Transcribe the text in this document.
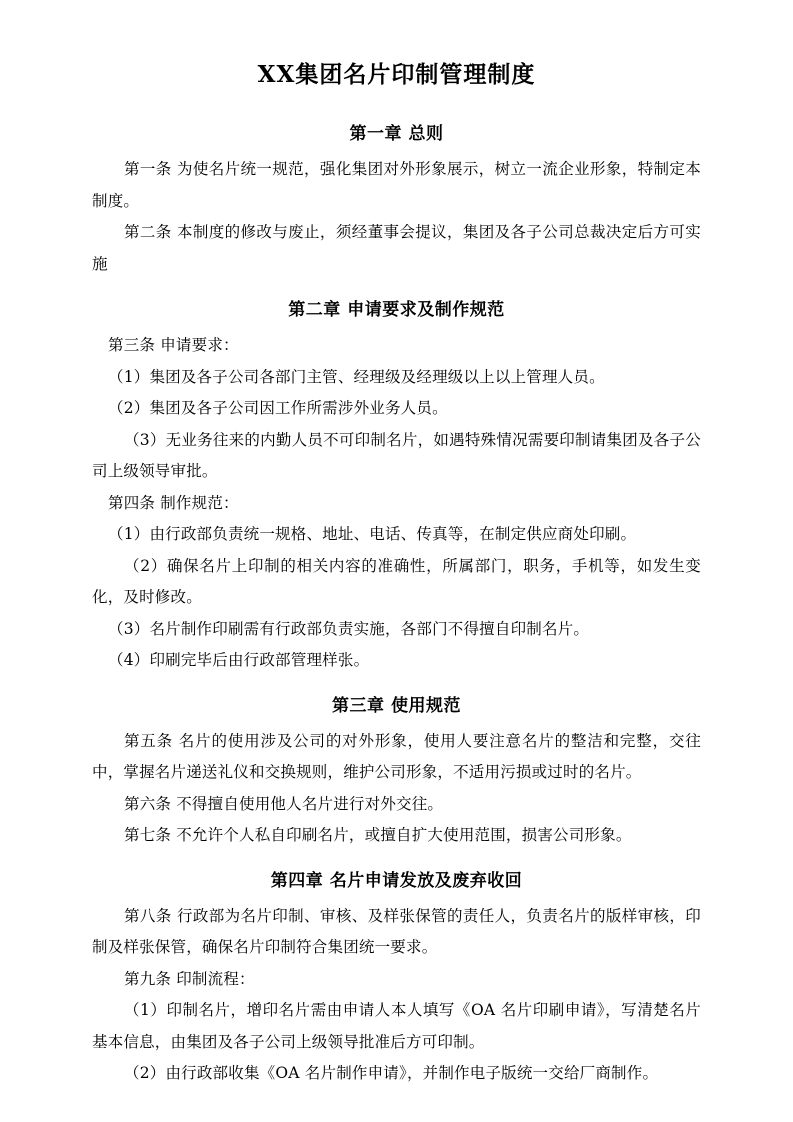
XX集团名片印制管理制度
第一章 总则

第一条 为使名片统一规范，强化集团对外形象展示，树立一流企业形象，特制定本制度。

第二条 本制度的修改与废止，须经董事会提议，集团及各子公司总裁决定后方可实施

第二章 申请要求及制作规范

第三条 申请要求：

（1）集团及各子公司各部门主管、经理级及经理级以上以上管理人员。

（2）集团及各子公司因工作所需涉外业务人员。

（3）无业务往来的内勤人员不可印制名片，如遇特殊情况需要印制请集团及各子公司上级领导审批。

第四条 制作规范：

（1）由行政部负责统一规格、地址、电话、传真等，在制定供应商处印刷。

（2）确保名片上印制的相关内容的准确性，所属部门，职务，手机等，如发生变化，及时修改。

（3）名片制作印刷需有行政部负责实施，各部门不得擅自印制名片。

（4）印刷完毕后由行政部管理样张。

第三章 使用规范

第五条 名片的使用涉及公司的对外形象，使用人要注意名片的整洁和完整，交往中，掌握名片递送礼仪和交换规则，维护公司形象，不适用污损或过时的名片。

第六条 不得擅自使用他人名片进行对外交往。

第七条 不允许个人私自印刷名片，或擅自扩大使用范围，损害公司形象。

第四章 名片申请发放及废弃收回

第八条 行政部为名片印制、审核、及样张保管的责任人，负责名片的版样审核，印制及样张保管，确保名片印制符合集团统一要求。

第九条 印制流程：

（1）印制名片，增印名片需由申请人本人填写《OA 名片印刷申请》，写清楚名片基本信息，由集团及各子公司上级领导批准后方可印制。

（2）由行政部收集《OA 名片制作申请》，并制作电子版统一交给厂商制作。
